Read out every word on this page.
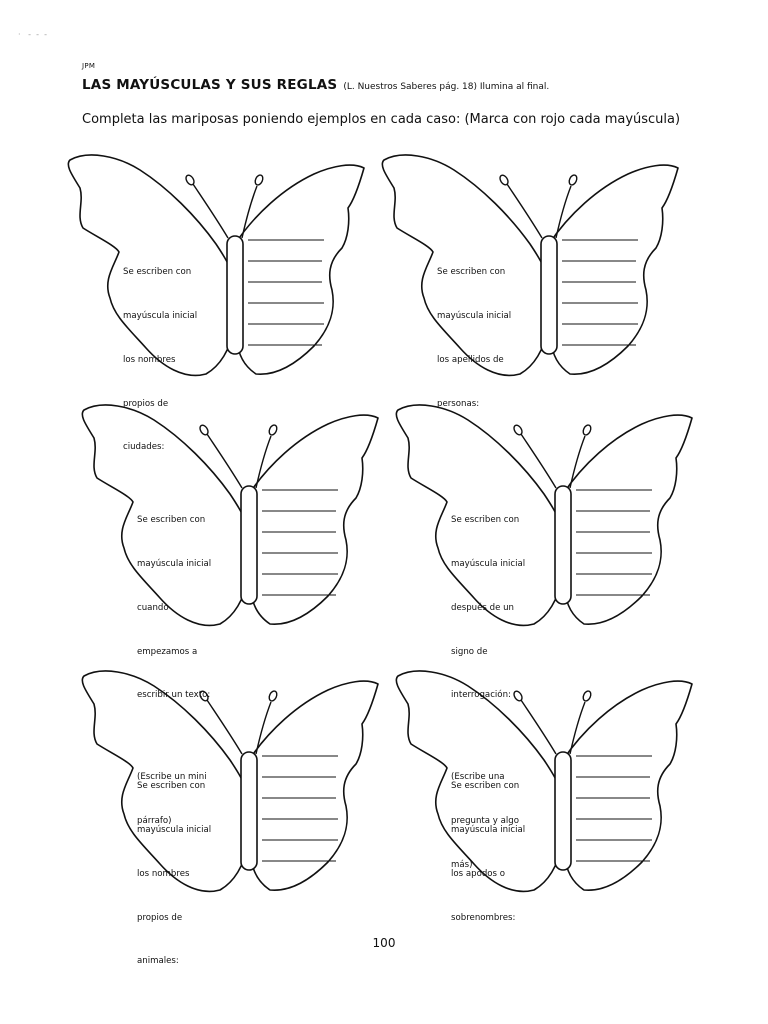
·   -  -  -
JPM
LAS MAYÚSCULAS Y SUS REGLAS (L. Nuestros Saberes pág. 18) Ilumina al final.
Completa las mariposas poniendo ejemplos en cada caso: (Marca con rojo cada mayúscula)

Se escriben con

mayúscula inicial

los nombres

propios de

ciudades:

Se escriben con

mayúscula inicial

los apellidos de

personas:

Se escriben con

mayúscula inicial

cuando

empezamos a

escribir un texto:

(Escribe un mini

párrafo)

Se escriben con

mayúscula inicial

después de un

signo de

interrogación:

(Escribe una

pregunta y algo

más)

Se escriben con

mayúscula inicial

los nombres

propios de

animales:

Se escriben con

mayúscula inicial

los apodos o

sobrenombres:

100
